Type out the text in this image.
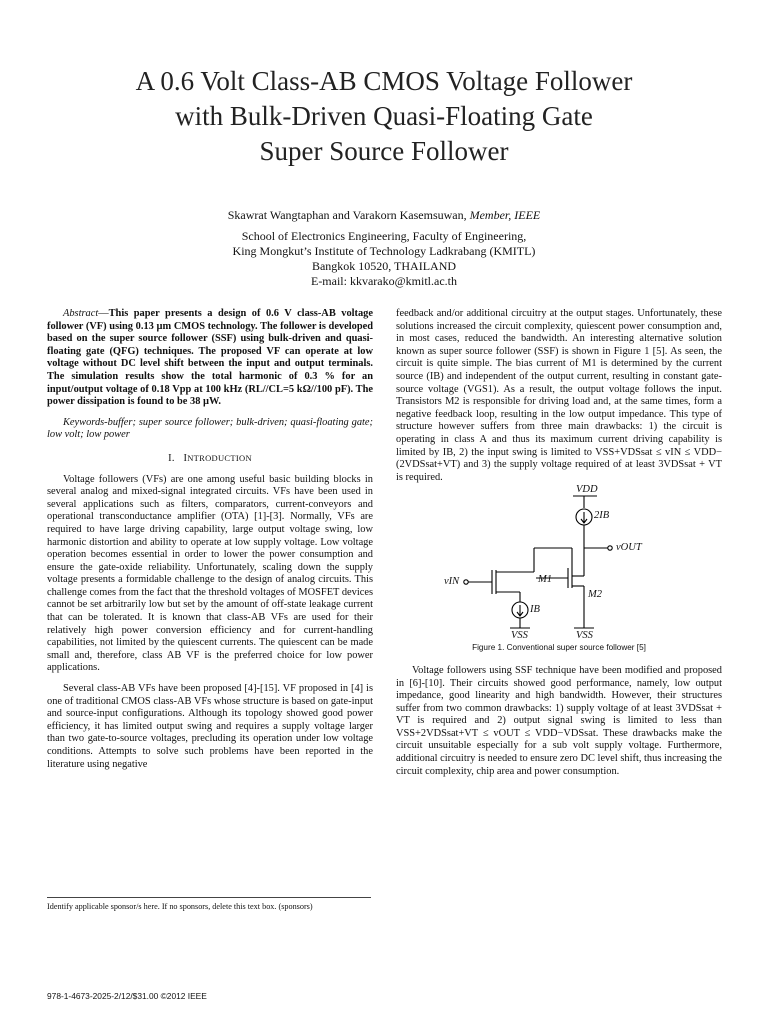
A 0.6 Volt Class-AB CMOS Voltage Follower
with Bulk-Driven Quasi-Floating Gate
Super Source Follower
Skawrat Wangtaphan and Varakorn Kasemsuwan, Member, IEEE
School of Electronics Engineering, Faculty of Engineering,
King Mongkut’s Institute of Technology Ladkrabang (KMITL)
Bangkok 10520, THAILAND
E-mail: kkvarako@kmitl.ac.th

Abstract—This paper presents a design of 0.6 V class-AB voltage follower (VF) using 0.13 µm CMOS technology. The follower is developed based on the super source follower (SSF) using bulk-driven and quasi-floating gate (QFG) techniques. The proposed VF can operate at low voltage without DC level shift between the input and output terminals. The simulation results show the total harmonic of 0.3 % for an input/output voltage of 0.18 Vpp at 100 kHz (RL//CL=5 kΩ//100 pF). The power dissipation is found to be 38 µW.

Keywords-buffer; super source follower; bulk-driven; quasi-floating gate; low volt; low power

I. INTRODUCTION

Voltage followers (VFs) are one among useful basic building blocks in several analog and mixed-signal integrated circuits. VFs have been used in several applications such as filters, comparators, current-conveyors and operational transconductance amplifier (OTA) [1]-[3]. Normally, VFs are required to have large driving capability, large output voltage swing, low harmonic distortion and ability to operate at low supply voltage. Low voltage operation becomes essential in order to lower the power consumption and ensure the gate-oxide reliability. Unfortunately, scaling down the supply voltage presents a formidable challenge to the design of analog circuits. This challenge comes from the fact that the threshold voltages of MOSFET devices cannot be set arbitrarily low but set by the amount of off-state leakage current that can be tolerated. It is known that class-AB VFs are used for their relatively high power conversion efficiency and for current-handling capabilities, not limited by the quiescent currents. The quiescent can be made small and, therefore, class AB VF is the preferred choice for low power applications.

Several class-AB VFs have been proposed [4]-[15]. VF proposed in [4] is one of traditional CMOS class-AB VFs whose structure is based on gate-input and source-input configurations. Although its topology showed good power efficiency, it has limited output swing and requires a supply voltage larger than two gate-to-source voltages, precluding its operation under low voltage conditions. Attempts to solve such problems have been reported in the literature using negative

feedback and/or additional circuitry at the output stages. Unfortunately, these solutions increased the circuit complexity, quiescent power consumption and, in most cases, reduced the bandwidth. An interesting alternative solution known as super source follower (SSF) is shown in Figure 1 [5]. As seen, the circuit is quite simple. The bias current of M1 is determined by the current source (IB) and independent of the output current, resulting in constant gate-source voltage (VGS1). As a result, the output voltage follows the input. Transistors M2 is responsible for driving load and, at the same times, form a negative feedback loop, resulting in the low output impedance. This type of structure however suffers from three main drawbacks: 1) the circuit is operating in class A and thus its maximum current driving capability is limited by IB, 2) the input swing is limited to VSS+VDSsat ≤ vIN ≤ VDD− (2VDSsat+VT) and 3) the supply voltage required of at least 3VDSsat + VT is required.

VDD
2IB
vOUT
vIN	M1
M2
IB
VSS	VSS
Figure 1. Conventional super source follower [5]

Voltage followers using SSF technique have been modified and proposed in [6]-[10]. Their circuits showed good performance, namely, low output impedance, good linearity and high bandwidth. However, their structures suffer from two common drawbacks: 1) supply voltage of at least 3VDSsat + VT is required and 2) output signal swing is limited to less than VSS+2VDSsat+VT ≤ vOUT ≤ VDD−VDSsat. These drawbacks make the circuit unsuitable especially for a sub volt supply voltage. Furthermore, additional circuitry is needed to ensure zero DC level shift, thus increasing the circuit complexity, chip area and power consumption.

Identify applicable sponsor/s here. If no sponsors, delete this text box. (sponsors)
978-1-4673-2025-2/12/$31.00 ©2012 IEEE
